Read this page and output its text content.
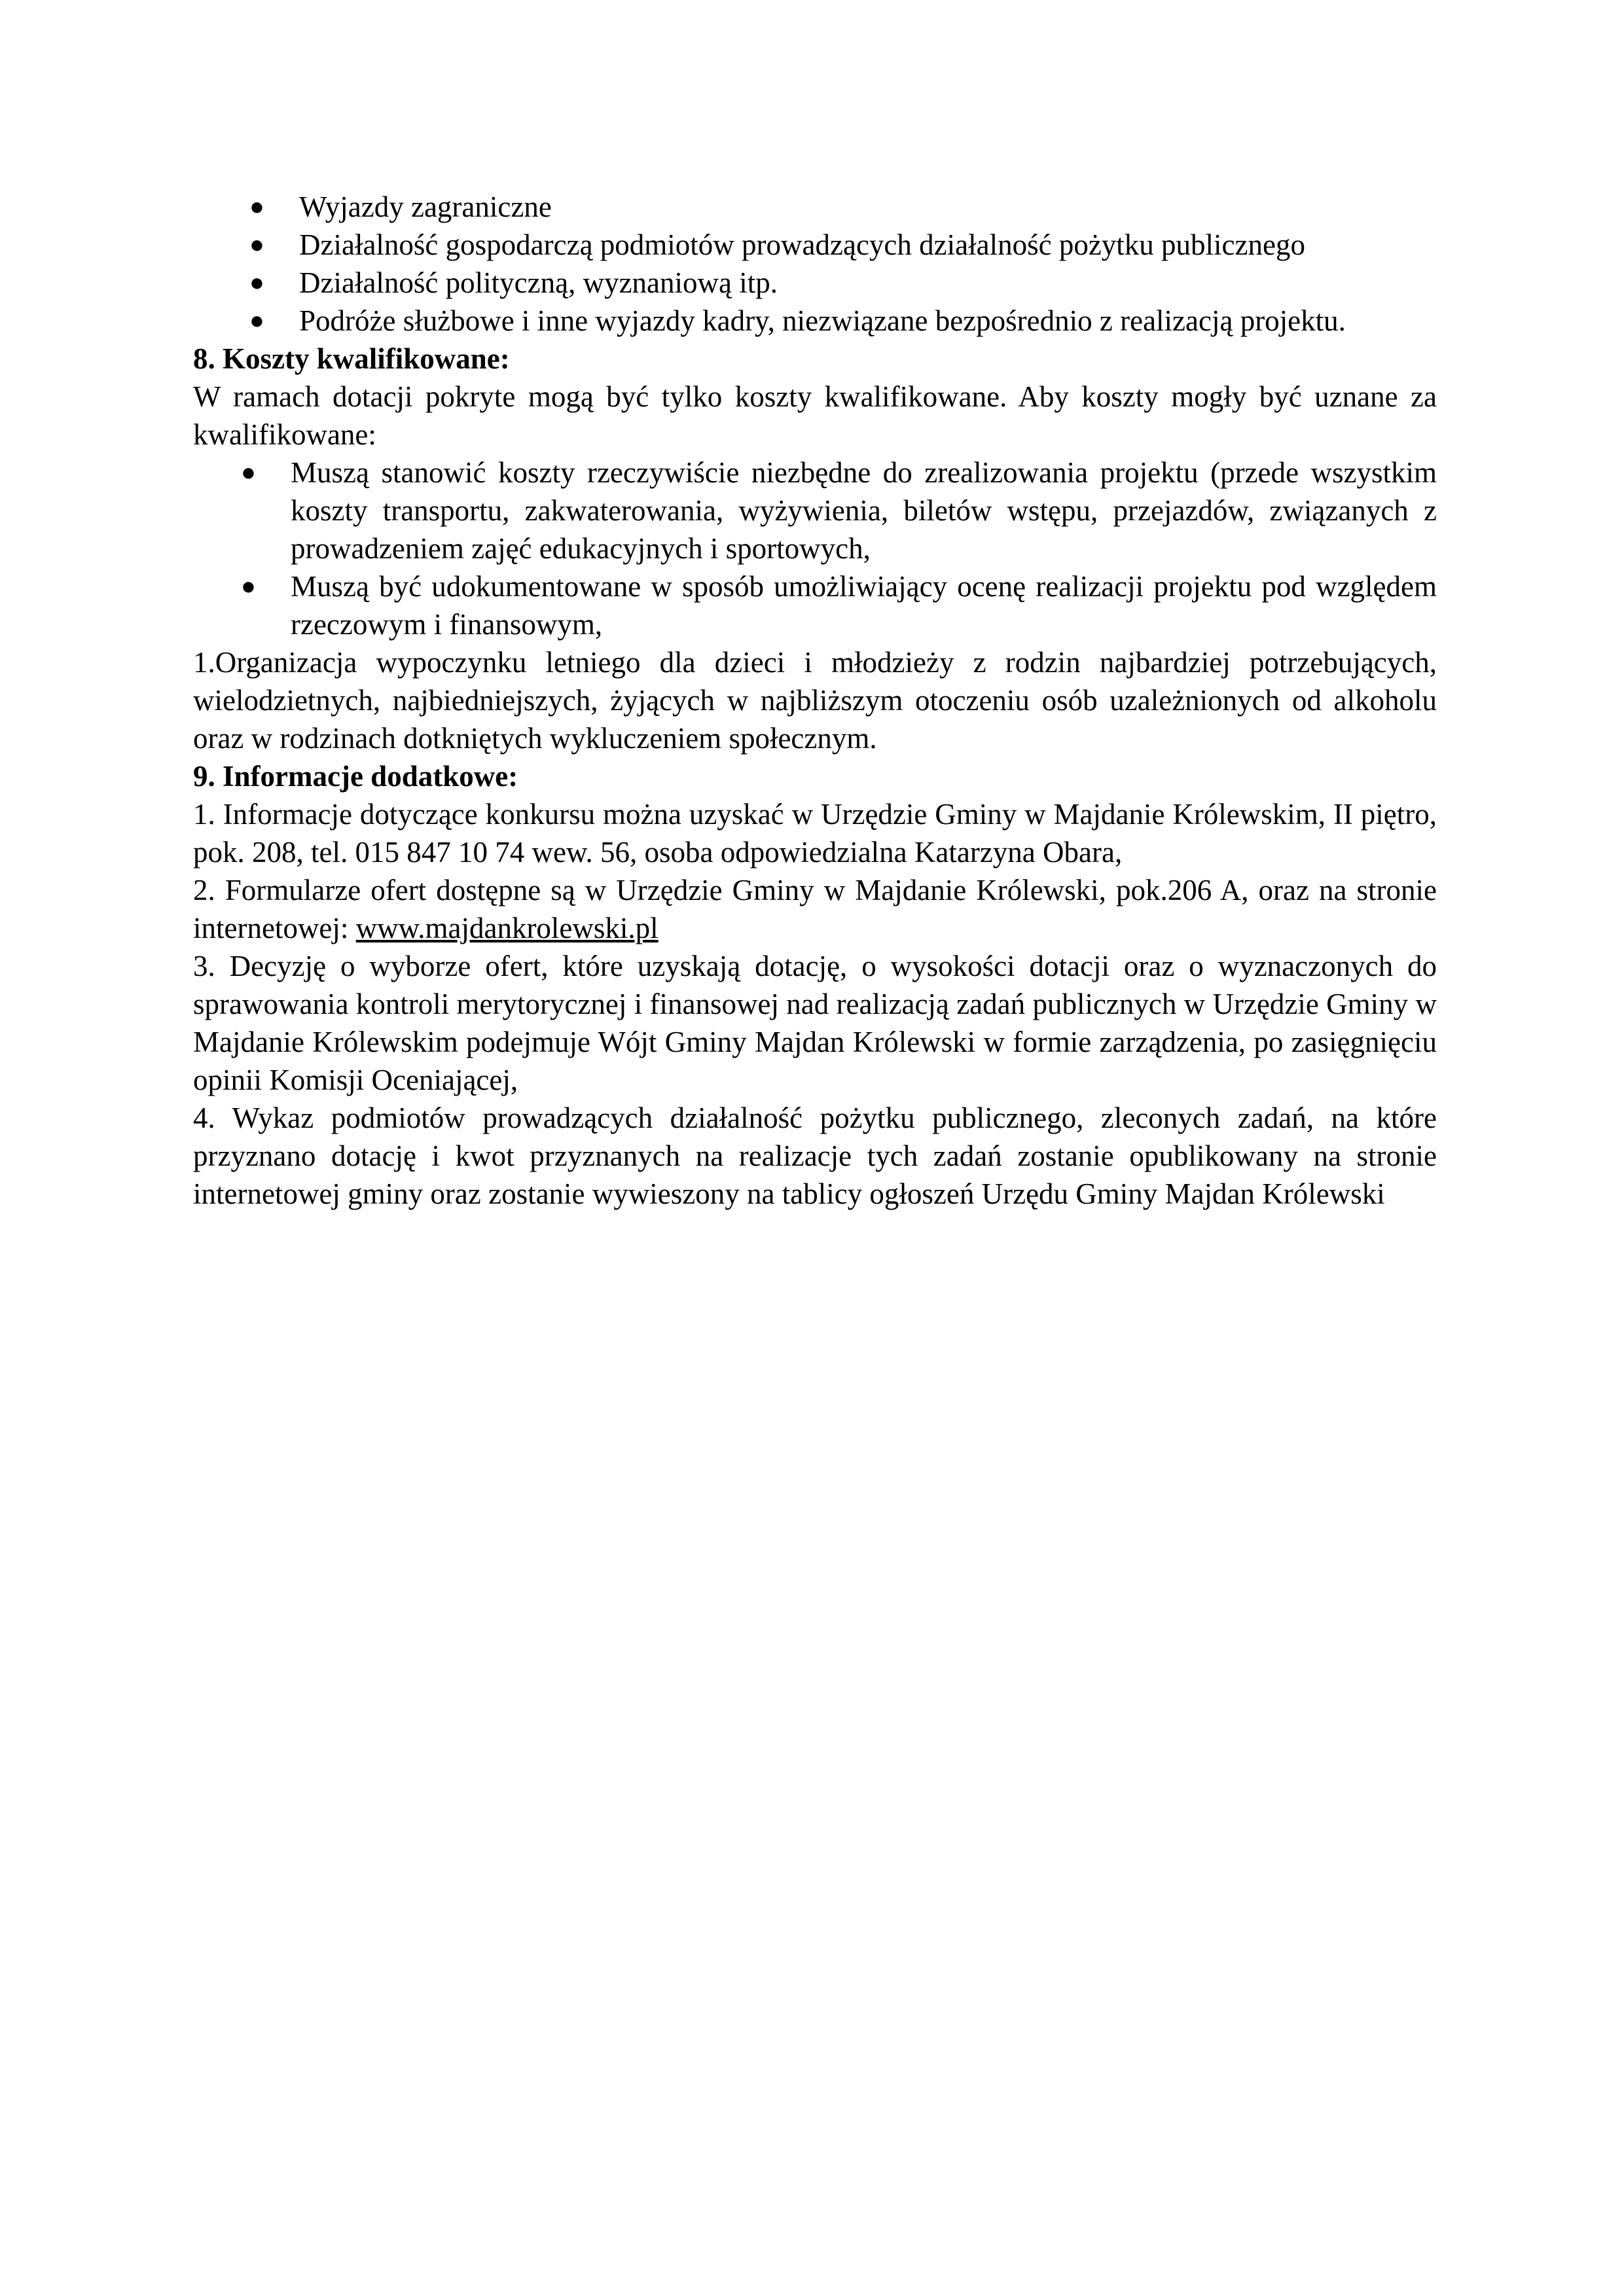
● Wyjazdy zagraniczne
● Działalność gospodarczą podmiotów prowadzących działalność pożytku publicznego
● Działalność polityczną, wyznaniową itp.
● Podróże służbowe i inne wyjazdy kadry, niezwiązane bezpośrednio z realizacją projektu.

8. Koszty kwalifikowane:

W ramach dotacji pokryte mogą być tylko koszty kwalifikowane. Aby koszty mogły być uznane za kwalifikowane:

● Muszą stanowić koszty rzeczywiście niezbędne do zrealizowania projektu (przede wszystkim koszty transportu, zakwaterowania, wyżywienia, biletów wstępu, przejazdów, związanych z prowadzeniem zajęć edukacyjnych i sportowych,
● Muszą być udokumentowane w sposób umożliwiający ocenę realizacji projektu pod względem rzeczowym i finansowym,

1.Organizacja wypoczynku letniego dla dzieci i młodzieży z rodzin najbardziej potrzebujących, wielodzietnych, najbiedniejszych, żyjących w najbliższym otoczeniu osób uzależnionych od alkoholu oraz w rodzinach dotkniętych wykluczeniem społecznym.

9. Informacje dodatkowe:

1. Informacje dotyczące konkursu można uzyskać w Urzędzie Gminy w Majdanie Królewskim, II piętro, pok. 208, tel. 015 847 10 74 wew. 56, osoba odpowiedzialna Katarzyna Obara,

2. Formularze ofert dostępne są w Urzędzie Gminy w Majdanie Królewski, pok.206 A, oraz na stronie internetowej: www.majdankrolewski.pl

3. Decyzję o wyborze ofert, które uzyskają dotację, o wysokości dotacji oraz o wyznaczonych do sprawowania kontroli merytorycznej i finansowej nad realizacją zadań publicznych w Urzędzie Gminy w Majdanie Królewskim podejmuje Wójt Gminy Majdan Królewski w formie zarządzenia, po zasięgnięciu opinii Komisji Oceniającej,

4. Wykaz podmiotów prowadzących działalność pożytku publicznego, zleconych zadań, na które przyznano dotację i kwot przyznanych na realizacje tych zadań zostanie opublikowany na stronie internetowej gminy oraz zostanie wywieszony na tablicy ogłoszeń Urzędu Gminy Majdan Królewski
